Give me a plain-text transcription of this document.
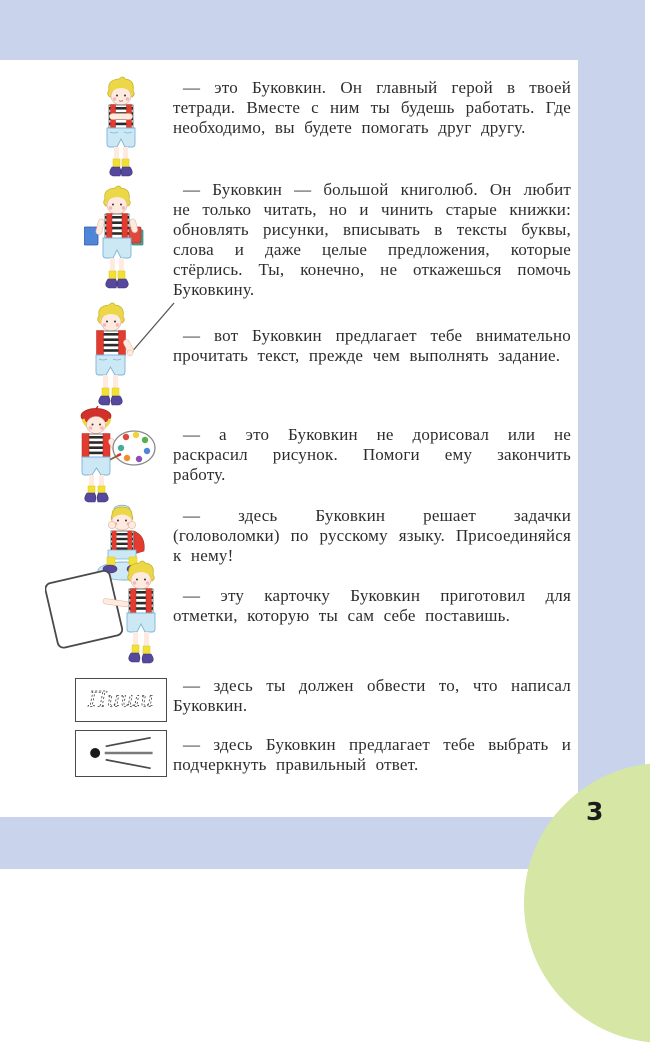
— это Буковкин. Он главный герой в твоей тетради. Вместе с ним ты будешь работать. Где необходимо, вы будете помогать друг другу.

— Буковкин — большой книголюб. Он любит не только читать, но и чинить старые книжки: обновлять рисунки, вписывать в тексты буквы, слова и даже целые предложения, которые стёрлись. Ты, конечно, не откажешься помочь Буковкину.

— вот Буковкин предлагает тебе внимательно прочитать текст, прежде чем выполнять задание.

— а это Буковкин не дорисовал или не раскрасил рисунок. Помоги ему закончить работу.

— здесь Буковкин решает задачки (головоломки) по русскому языку. Присоединяйся к нему!

— эту карточку Буковкин приготовил для отметки, которую ты сам себе поставишь.

— здесь ты должен обвести то, что написал Буковкин.

— здесь Буковкин предлагает тебе выбрать и подчеркнуть правильный ответ.

Пиши
3
